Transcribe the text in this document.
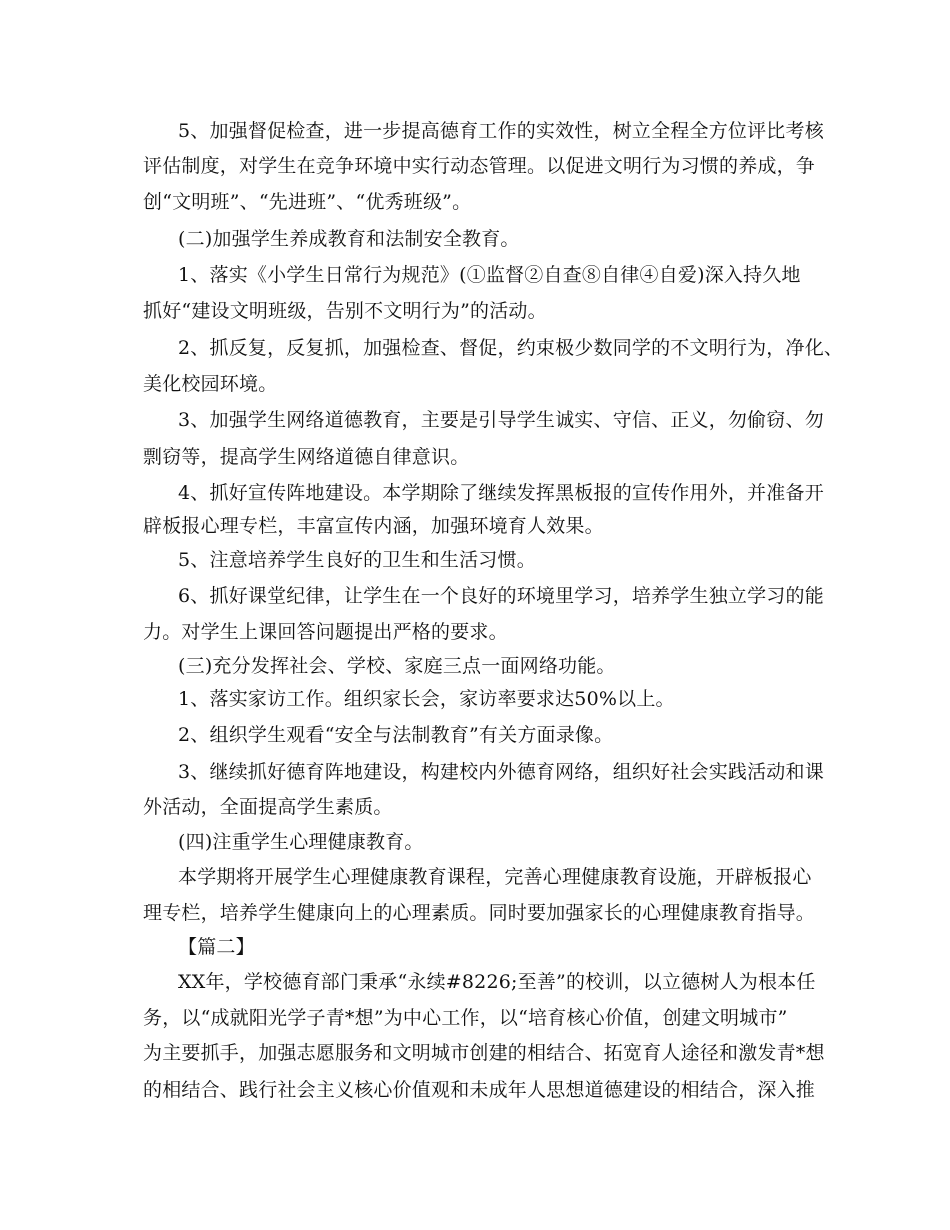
5、加强督促检查，进一步提高德育工作的实效性，树立全程全方位评比考核
评估制度，对学生在竞争环境中实行动态管理。以促进文明行为习惯的养成，争
创“文明班”、“先进班”、“优秀班级”。
(二)加强学生养成教育和法制安全教育。
1、落实《小学生日常行为规范》(①监督②自查⑧自律④自爱)深入持久地
抓好“建设文明班级，告别不文明行为”的活动。
2、抓反复，反复抓，加强检查、督促，约束极少数同学的不文明行为，净化、
美化校园环境。
3、加强学生网络道德教育，主要是引导学生诚实、守信、正义，勿偷窃、勿
剽窃等，提高学生网络道德自律意识。
4、抓好宣传阵地建设。本学期除了继续发挥黑板报的宣传作用外，并准备开
辟板报心理专栏，丰富宣传内涵，加强环境育人效果。
5、注意培养学生良好的卫生和生活习惯。
6、抓好课堂纪律，让学生在一个良好的环境里学习，培养学生独立学习的能
力。对学生上课回答问题提出严格的要求。
(三)充分发挥社会、学校、家庭三点一面网络功能。
1、落实家访工作。组织家长会，家访率要求达50%以上。
2、组织学生观看“安全与法制教育”有关方面录像。
3、继续抓好德育阵地建设，构建校内外德育网络，组织好社会实践活动和课
外活动，全面提高学生素质。
(四)注重学生心理健康教育。
本学期将开展学生心理健康教育课程，完善心理健康教育设施，开辟板报心
理专栏，培养学生健康向上的心理素质。同时要加强家长的心理健康教育指导。
【篇二】
XX年，学校德育部门秉承“永续#8226;至善”的校训，以立德树人为根本任
务，以“成就阳光学子青*想”为中心工作，以“培育核心价值，创建文明城市”
为主要抓手，加强志愿服务和文明城市创建的相结合、拓宽育人途径和激发青*想
的相结合、践行社会主义核心价值观和未成年人思想道德建设的相结合，深入推
